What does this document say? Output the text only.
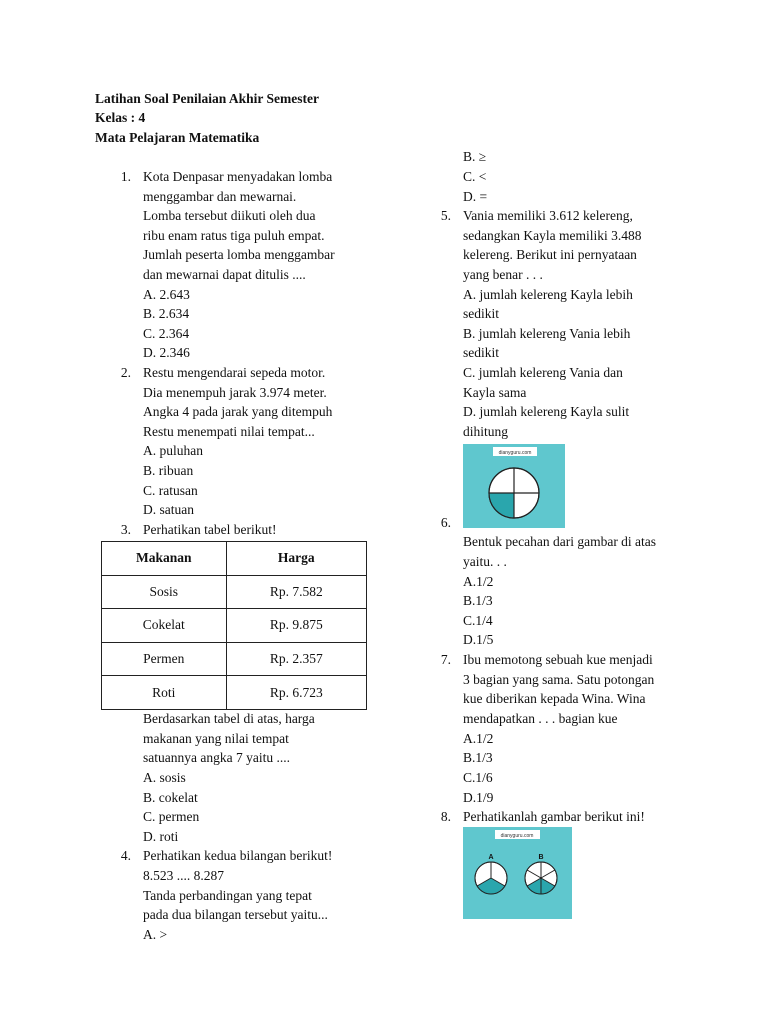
Latihan Soal Penilaian Akhir Semester
Kelas : 4
Mata Pelajaran Matematika
1. Kota Denpasar menyadakan lomba
menggambar dan mewarnai.
Lomba tersebut diikuti oleh dua
ribu enam ratus tiga puluh empat.
Jumlah peserta lomba menggambar
dan mewarnai dapat ditulis ....
A. 2.643
B. 2.634
C. 2.364
D. 2.346
2. Restu mengendarai sepeda motor.
Dia menempuh jarak 3.974 meter.
Angka 4 pada jarak yang ditempuh
Restu menempati nilai tempat...
A. puluhan
B. ribuan
C. ratusan
D. satuan
3. Perhatikan tabel berikut!
Makanan	Harga
Sosis	Rp. 7.582
Cokelat	Rp. 9.875
Permen	Rp. 2.357
Roti	Rp. 6.723
Berdasarkan tabel di atas, harga
makanan yang nilai tempat
satuannya angka 7 yaitu ....
A. sosis
B. cokelat
C. permen
D. roti
4. Perhatikan kedua bilangan berikut!
8.523 .... 8.287
Tanda perbandingan yang tepat
pada dua bilangan tersebut yaitu...
A. >
B. ≥
C. <
D. =
5. Vania memiliki 3.612 kelereng,
sedangkan Kayla memiliki 3.488
kelereng. Berikut ini pernyataan
yang benar . . .
A. jumlah kelereng Kayla lebih
sedikit
B. jumlah kelereng Vania lebih
sedikit
C. jumlah kelereng Vania dan
Kayla sama
D. jumlah kelereng Kayla sulit
dihitung
dianyguru.com
6.
Bentuk pecahan dari gambar di atas
yaitu. . .
A.1/2
B.1/3
C.1/4
D.1/5
7. Ibu memotong sebuah kue menjadi
3 bagian yang sama. Satu potongan
kue diberikan kepada Wina. Wina
mendapatkan . . . bagian kue
A.1/2
B.1/3
C.1/6
D.1/9
8. Perhatikanlah gambar berikut ini!
dianyguru.com
A	B
